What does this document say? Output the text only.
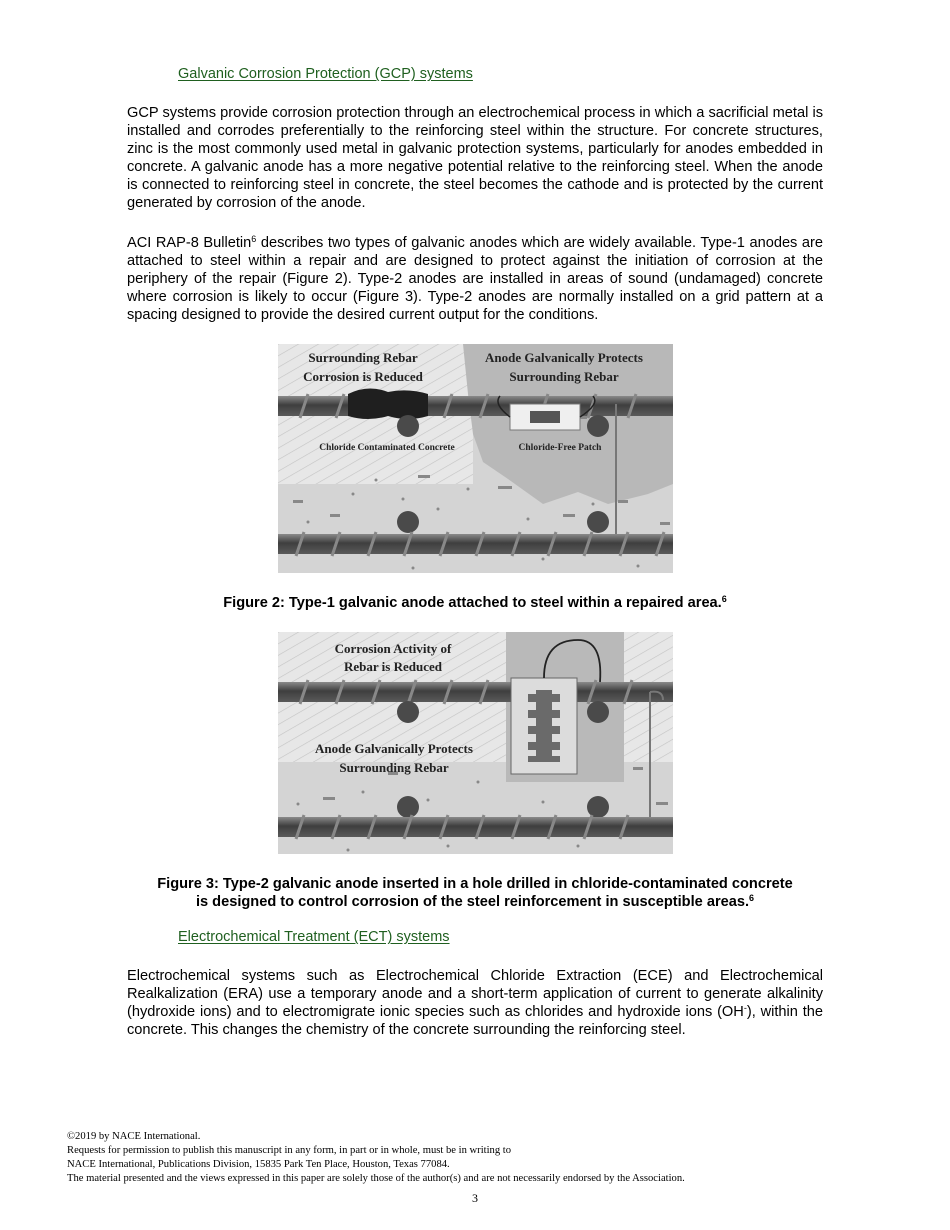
Galvanic Corrosion Protection (GCP) systems

GCP systems provide corrosion protection through an electrochemical process in which a sacrificial metal is installed and corrodes preferentially to the reinforcing steel within the structure. For concrete structures, zinc is the most commonly used metal in galvanic protection systems, particularly for anodes embedded in concrete. A galvanic anode has a more negative potential relative to the reinforcing steel. When the anode is connected to reinforcing steel in concrete, the steel becomes the cathode and is protected by the current generated by corrosion of the anode.

ACI RAP-8 Bulletin$^6$ describes two types of galvanic anodes which are widely available. Type-1 anodes are attached to steel within a repair and are designed to protect against the initiation of corrosion at the periphery of the repair (Figure 2). Type-2 anodes are installed in areas of sound (undamaged) concrete where corrosion is likely to occur (Figure 3). Type-2 anodes are normally installed on a grid pattern at a spacing designed to provide the desired current output for the conditions.

Surrounding Rebar
Corrosion is Reduced
Anode Galvanically Protects
Surrounding Rebar
Chloride Contaminated Concrete	Chloride-Free Patch

Figure 2: Type-1 galvanic anode attached to steel within a repaired area.$^6$

Corrosion Activity of
Rebar is Reduced
Anode Galvanically Protects
Surrounding Rebar

Figure 3: Type-2 galvanic anode inserted in a hole drilled in chloride-contaminated concrete
is designed to control corrosion of the steel reinforcement in susceptible areas.$^6$

Electrochemical Treatment (ECT) systems

Electrochemical systems such as Electrochemical Chloride Extraction (ECE) and Electrochemical Realkalization (ERA) use a temporary anode and a short-term application of current to generate alkalinity (hydroxide ions) and to electromigrate ionic species such as chlorides and hydroxide ions (OH-), within the concrete. This changes the chemistry of the concrete surrounding the reinforcing steel.

©2019 by NACE International.
Requests for permission to publish this manuscript in any form, in part or in whole, must be in writing to
NACE International, Publications Division, 15835 Park Ten Place, Houston, Texas 77084.
The material presented and the views expressed in this paper are solely those of the author(s) and are not necessarily endorsed by the Association.
3
